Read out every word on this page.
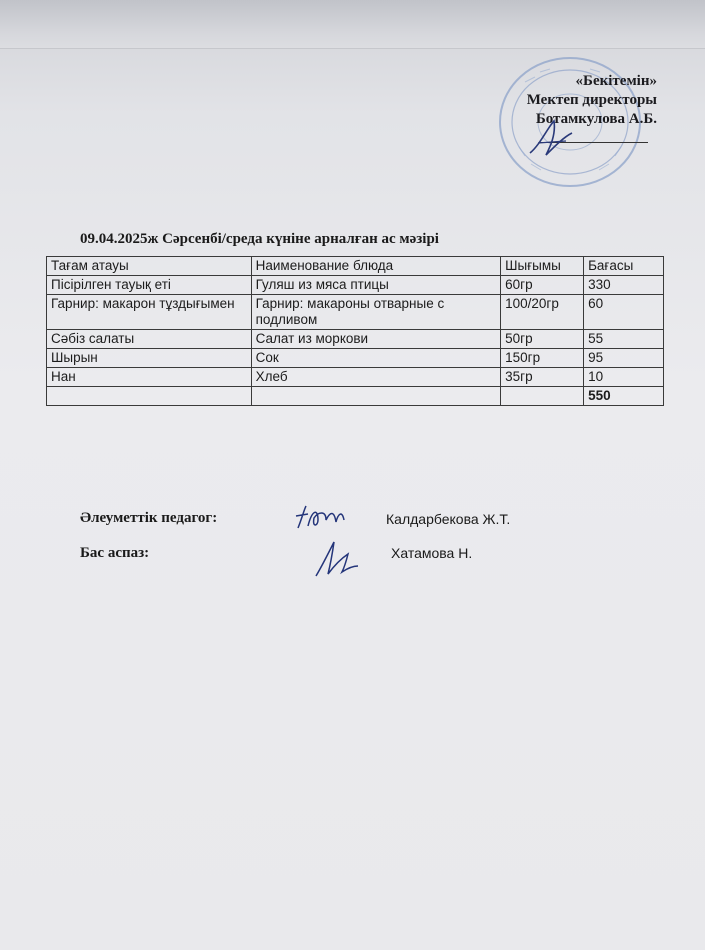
«Бекітемін»
Мектеп директоры
Ботамкулова А.Б.
09.04.2025ж Сәрсенбі/среда күніне арналған ас мәзірі
Тағам атауы	Наименование блюда	Шығымы	Бағасы
Пісірілген тауық еті	Гуляш из мяса птицы	60гр	330
Гарнир: макарон тұздығымен	Гарнир: макароны отварные с подливом	100/20гр	60
Сәбіз салаты	Салат из моркови	50гр	55
Шырын	Сок	150гр	95
Нан	Хлеб	35гр	10
			550
Әлеуметтік педагог:	Калдарбекова Ж.Т.
Бас аспаз:	Хатамова Н.
